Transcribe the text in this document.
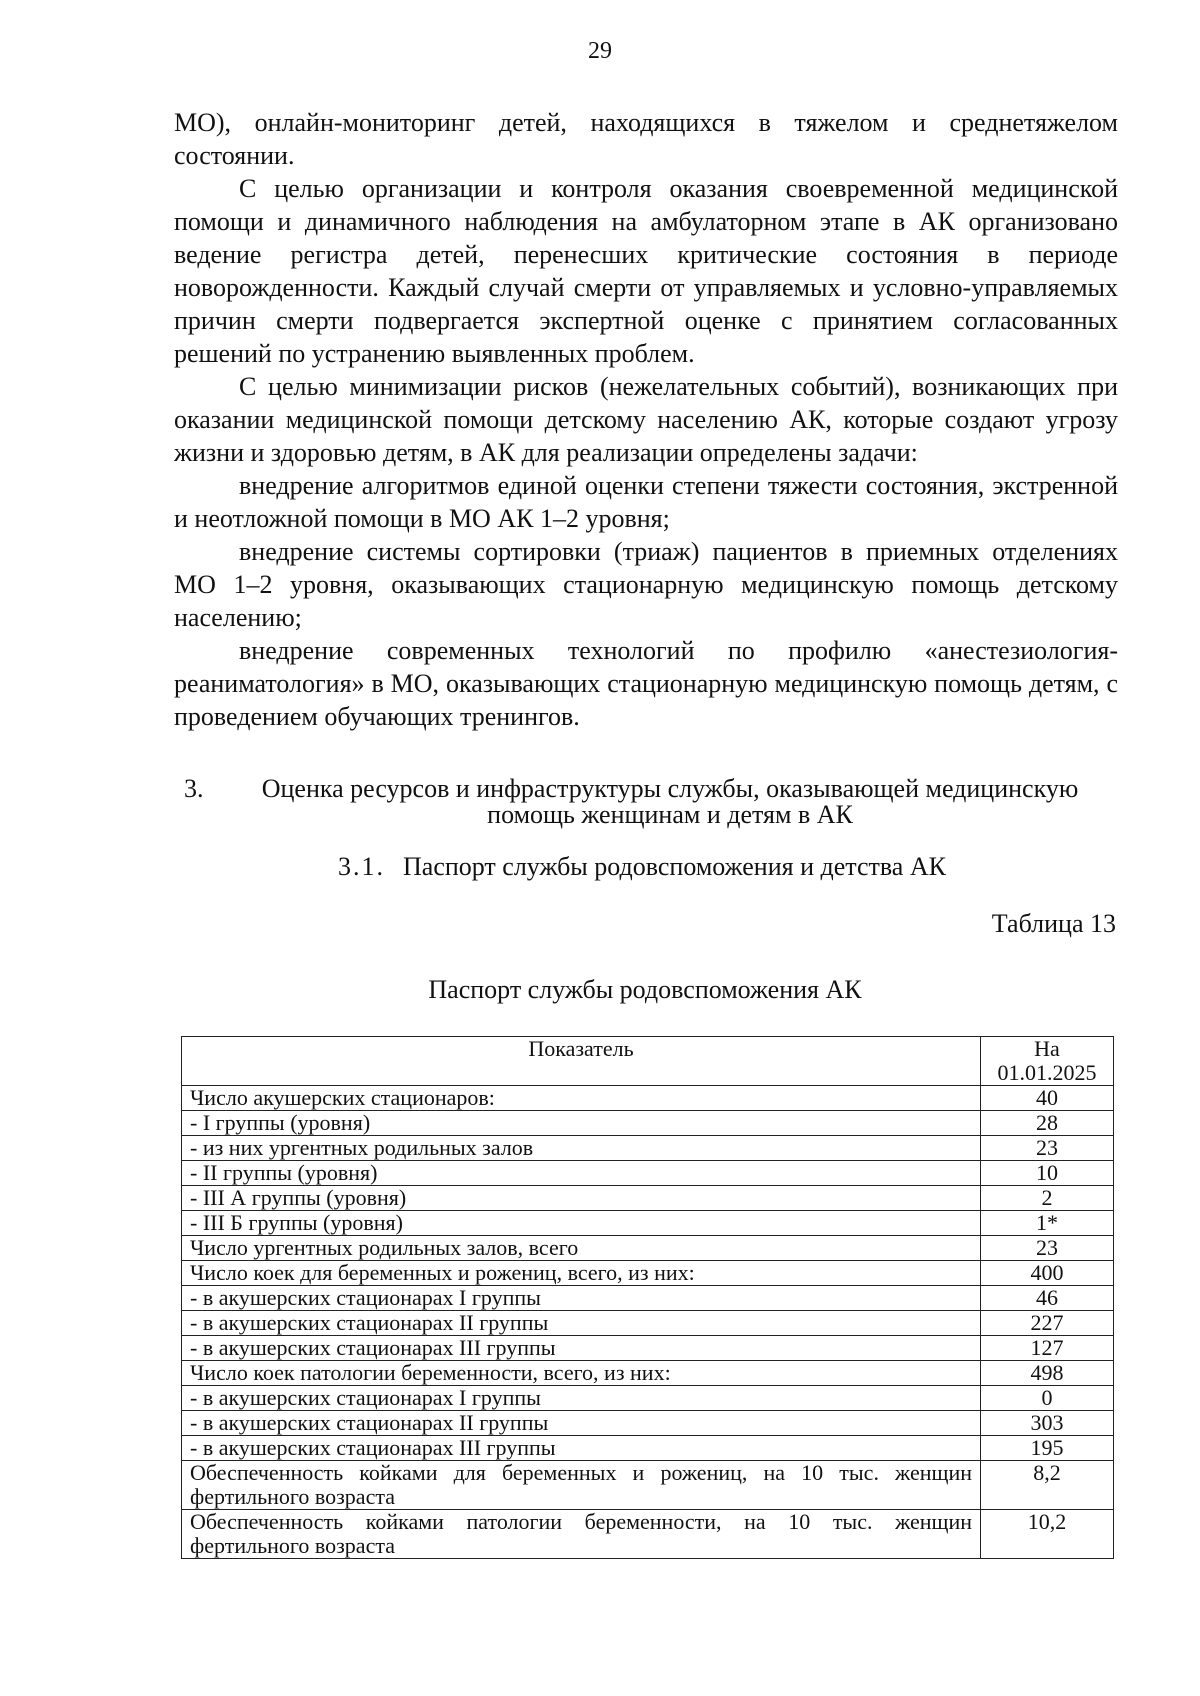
29

МО), онлайн-мониторинг детей, находящихся в тяжелом и среднетяжелом состоянии.

С целью организации и контроля оказания своевременной медицинской помощи и динамичного наблюдения на амбулаторном этапе в АК организовано ведение регистра детей, перенесших критические состояния в периоде новорожденности. Каждый случай смерти от управляемых и условно-управляемых причин смерти подвергается экспертной оценке с принятием согласованных решений по устранению выявленных проблем.

С целью минимизации рисков (нежелательных событий), возникающих при оказании медицинской помощи детскому населению АК, которые создают угрозу жизни и здоровью детям, в АК для реализации определены задачи:

внедрение алгоритмов единой оценки степени тяжести состояния, экстренной и неотложной помощи в МО АК 1–2 уровня;

внедрение системы сортировки (триаж) пациентов в приемных отделениях МО 1–2 уровня, оказывающих стационарную медицинскую помощь детскому населению;

внедрение современных технологий по профилю «анестезиология-реаниматология» в МО, оказывающих стационарную медицинскую помощь детям, с проведением обучающих тренингов.

3. Оценка ресурсов и инфраструктуры службы, оказывающей медицинскую помощь женщинам и детям в АК
3.1. Паспорт службы родовспоможения и детства АК
Таблица 13
Паспорт службы родовспоможения АК
Показатель	На 01.01.2025
Число акушерских стационаров:	40
- I группы (уровня)	28
- из них ургентных родильных залов	23
- II группы (уровня)	10
- III А группы (уровня)	2
- III Б группы (уровня)	1*
Число ургентных родильных залов, всего	23
Число коек для беременных и рожениц, всего, из них:	400
- в акушерских стационарах I группы	46
- в акушерских стационарах II группы	227
- в акушерских стационарах III группы	127
Число коек патологии беременности, всего, из них:	498
- в акушерских стационарах I группы	0
- в акушерских стационарах II группы	303
- в акушерских стационарах III группы	195
Обеспеченность койками для беременных и рожениц, на 10 тыс. женщин фертильного возраста	8,2
Обеспеченность койками патологии беременности, на 10 тыс. женщин фертильного возраста	10,2
